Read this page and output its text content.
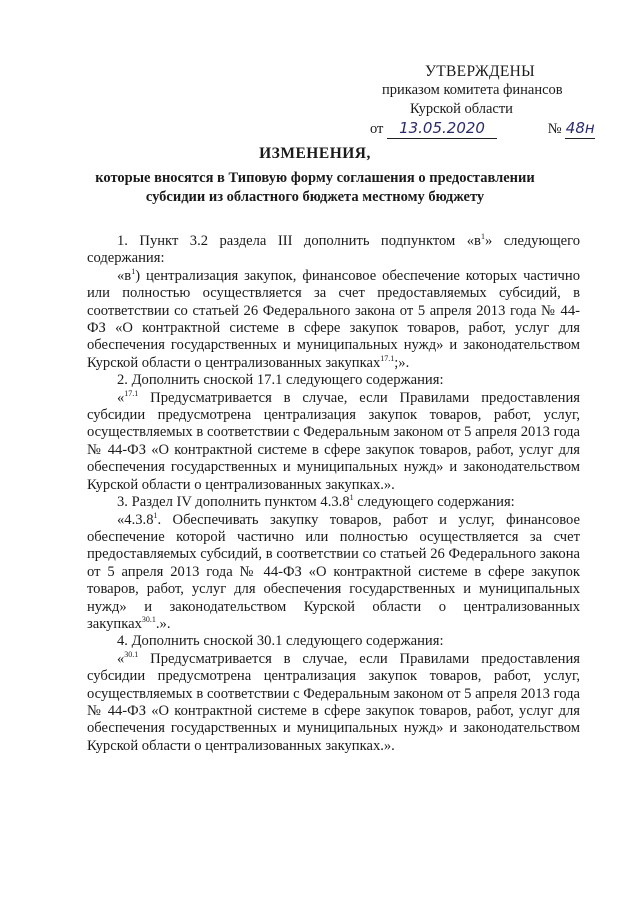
УТВЕРЖДЕНЫ
приказом комитета финансов
Курской области
от 13.05.2020	№ 48н
ИЗМЕНЕНИЯ,
которые вносятся в Типовую форму соглашения о предоставлении
субсидии из областного бюджета местному бюджету

1. Пункт 3.2 раздела III дополнить подпунктом «$в^1$» следующего содержания:

«$в^1$) централизация закупок, финансовое обеспечение которых частично или полностью осуществляется за счет предоставляемых субсидий, в соответствии со статьей 26 Федерального закона от 5 апреля 2013 года № 44-ФЗ «О контрактной системе в сфере закупок товаров, работ, услуг для обеспечения государственных и муниципальных нужд» и законодательством Курской области о централизованных закупках$^{17.1}$;».

2. Дополнить сноской 17.1 следующего содержания:

«$^{17.1}$ Предусматривается в случае, если Правилами предоставления субсидии предусмотрена централизация закупок товаров, работ, услуг, осуществляемых в соответствии с Федеральным законом от 5 апреля 2013 года № 44-ФЗ «О контрактной системе в сфере закупок товаров, работ, услуг для обеспечения государственных и муниципальных нужд» и законодательством Курской области о централизованных закупках.».

3. Раздел IV дополнить пунктом 4.3.8$^1$ следующего содержания:

«4.3.8$^1$. Обеспечивать закупку товаров, работ и услуг, финансовое обеспечение которой частично или полностью осуществляется за счет предоставляемых субсидий, в соответствии со статьей 26 Федерального закона от 5 апреля 2013 года № 44-ФЗ «О контрактной системе в сфере закупок товаров, работ, услуг для обеспечения государственных и муниципальных нужд» и законодательством Курской области о централизованных закупках$^{30.1}$.».

4. Дополнить сноской 30.1 следующего содержания:

«$^{30.1}$ Предусматривается в случае, если Правилами предоставления субсидии предусмотрена централизация закупок товаров, работ, услуг, осуществляемых в соответствии с Федеральным законом от 5 апреля 2013 года № 44-ФЗ «О контрактной системе в сфере закупок товаров, работ, услуг для обеспечения государственных и муниципальных нужд» и законодательством Курской области о централизованных закупках.».
